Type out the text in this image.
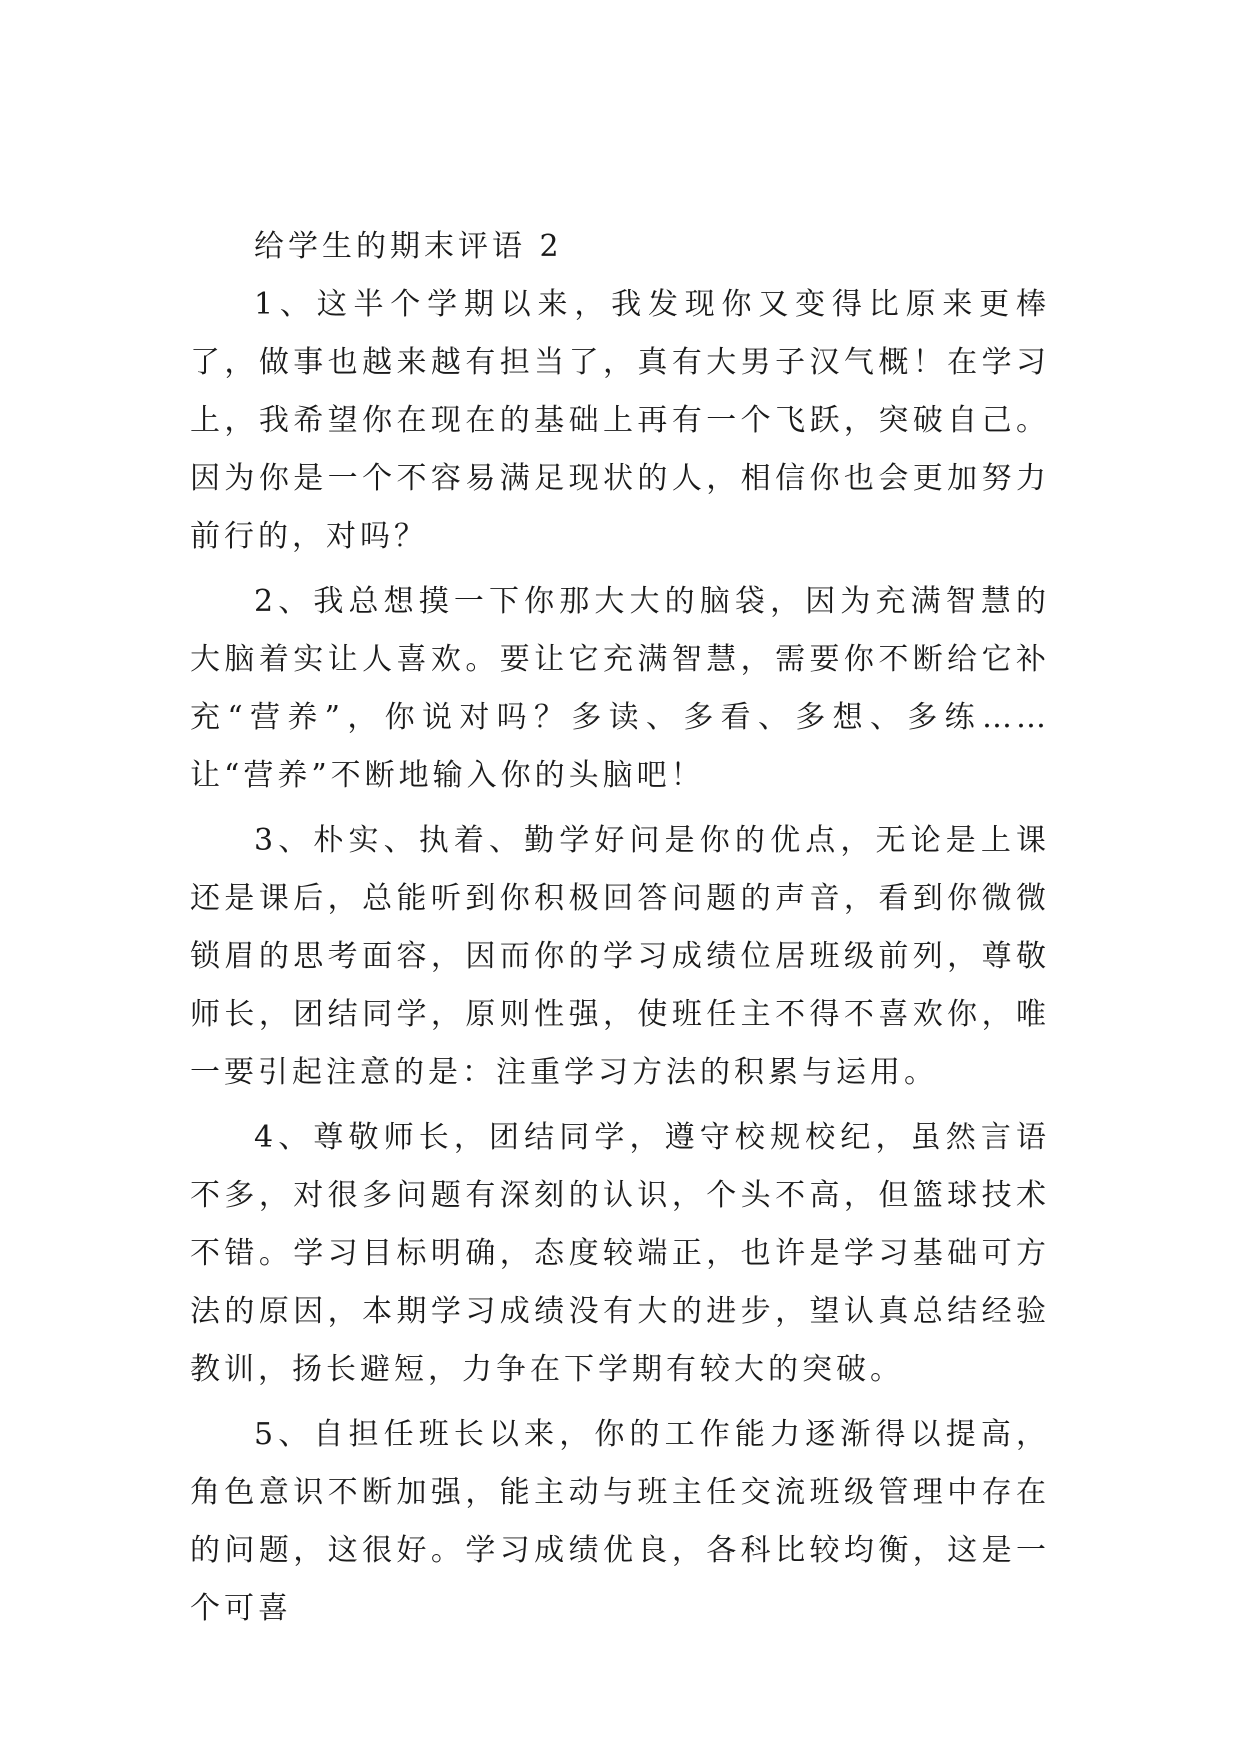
给学生的期末评语 2

1、这半个学期以来，我发现你又变得比原来更棒了，做事也越来越有担当了，真有大男子汉气概！在学习上，我希望你在现在的基础上再有一个飞跃，突破自己。因为你是一个不容易满足现状的人，相信你也会更加努力前行的，对吗？

2、我总想摸一下你那大大的脑袋，因为充满智慧的大脑着实让人喜欢。要让它充满智慧，需要你不断给它补充“营养”，你说对吗？多读、多看、多想、多练……让“营养”不断地输入你的头脑吧！

3、朴实、执着、勤学好问是你的优点，无论是上课还是课后，总能听到你积极回答问题的声音，看到你微微锁眉的思考面容，因而你的学习成绩位居班级前列，尊敬师长，团结同学，原则性强，使班任主不得不喜欢你，唯一要引起注意的是：注重学习方法的积累与运用。

4、尊敬师长，团结同学，遵守校规校纪，虽然言语不多，对很多问题有深刻的认识，个头不高，但篮球技术不错。学习目标明确，态度较端正，也许是学习基础可方法的原因，本期学习成绩没有大的进步，望认真总结经验教训，扬长避短，力争在下学期有较大的突破。

5、自担任班长以来，你的工作能力逐渐得以提高，角色意识不断加强，能主动与班主任交流班级管理中存在的问题，这很好。学习成绩优良，各科比较均衡，这是一个可喜
